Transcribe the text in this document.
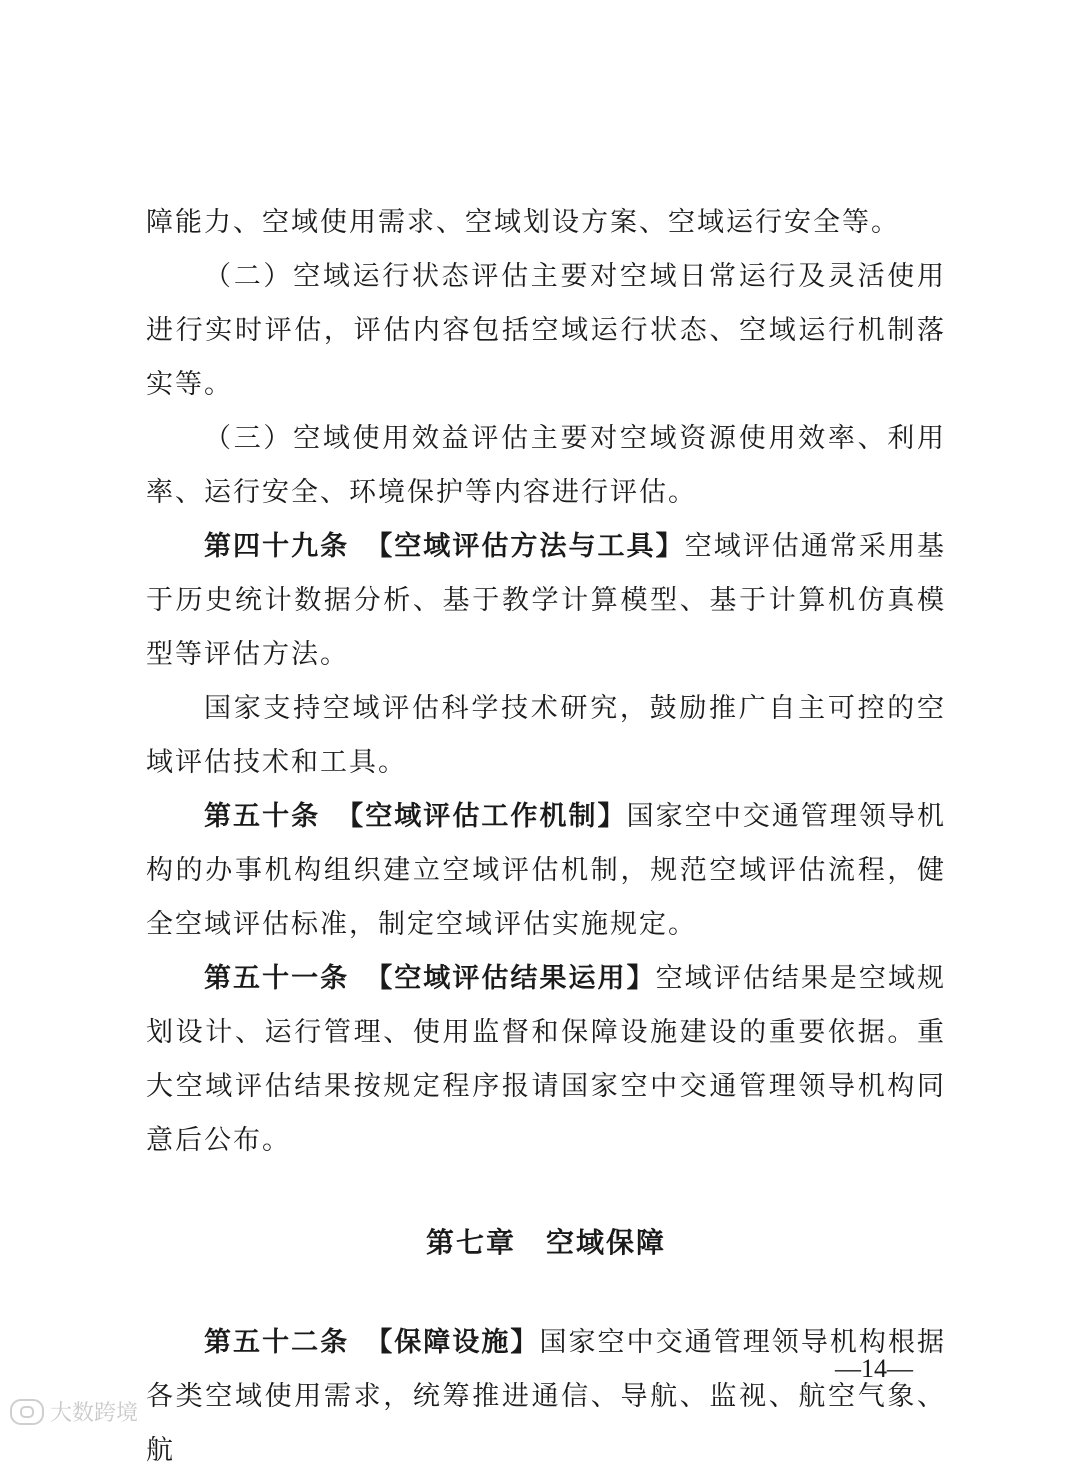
障能力、空域使用需求、空域划设方案、空域运行安全等。

（二）空域运行状态评估主要对空域日常运行及灵活使用进行实时评估，评估内容包括空域运行状态、空域运行机制落实等。

（三）空域使用效益评估主要对空域资源使用效率、利用率、运行安全、环境保护等内容进行评估。

第四十九条 【空域评估方法与工具】空域评估通常采用基于历史统计数据分析、基于教学计算模型、基于计算机仿真模型等评估方法。

国家支持空域评估科学技术研究，鼓励推广自主可控的空域评估技术和工具。

第五十条 【空域评估工作机制】国家空中交通管理领导机构的办事机构组织建立空域评估机制，规范空域评估流程，健全空域评估标准，制定空域评估实施规定。

第五十一条 【空域评估结果运用】空域评估结果是空域规划设计、运行管理、使用监督和保障设施建设的重要依据。重大空域评估结果按规定程序报请国家空中交通管理领导机构同意后公布。

第七章　空域保障

第五十二条 【保障设施】国家空中交通管理领导机构根据各类空域使用需求，统筹推进通信、导航、监视、航空气象、航

—14—
大数跨境
